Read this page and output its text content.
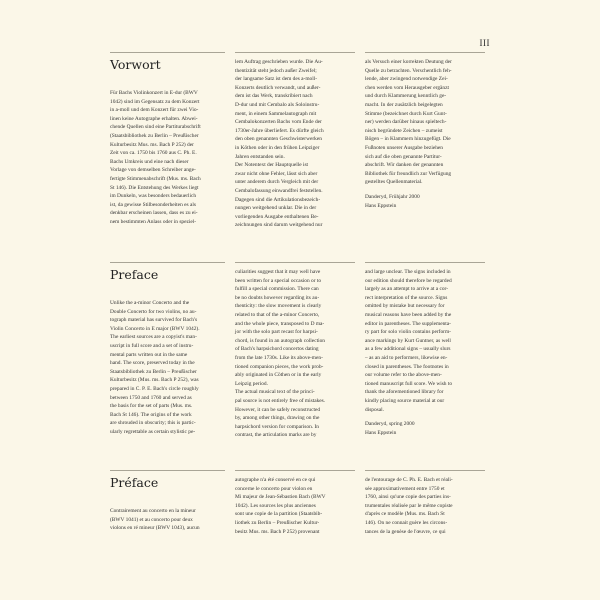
III
Vorwort

Für Bachs Violinkonzert in E-dur (BWV
1042) sind im Gegensatz zu dem Konzert
in a-moll und dem Konzert für zwei Vio-
linen keine Autographe erhalten. Abwei-
chende Quellen sind eine Partiturabschrift
(Staatsbibliothek zu Berlin – Preußischer
Kulturbesitz Mus. ms. Bach P 252) der
Zeit von ca. 1750 bis 1760 aus C. Ph. E.
Bachs Umkreis und eine nach dieser
Vorlage von demselben Schreiber ange-
fertigte Stimmenabschrift (Mus. ms. Bach
St 146). Die Entstehung des Werkes liegt
im Dunkeln, was besonders bedauerlich
ist, da gewisse Stilbesonderheiten es als
denkbar erscheinen lassen, dass es zu ei-
nem bestimmten Anlass oder in speziel-

lem Auftrag geschrieben wurde. Die Au-
thentizität steht jedoch außer Zweifel;
der langsame Satz ist dem des a-moll-
Konzerts deutlich verwandt, und außer-
dem ist das Werk, transkribiert nach
D-dur und mit Cembalo als Soloinstru-
ment, in einem Sammelautograph mit
Cembalokonzerten Bachs vom Ende der
1730er-Jahre überliefert. Es dürfte gleich
den oben genannten Geschwisterwerken
in Köthen oder in den frühen Leipziger
Jahren entstanden sein.
Der Notentext der Hauptquelle ist
zwar nicht ohne Fehler, lässt sich aber
unter anderem durch Vergleich mit der
Cembalofassung einwandfrei feststellen.
Dagegen sind die Artikulationsbezeich-
nungen weitgehend unklar. Die in der
vorliegenden Ausgabe enthaltenen Be-
zeichnungen sind darum weitgehend nur

als Versuch einer korrekten Deutung der
Quelle zu betrachten. Verschentlich feh-
lende, aber zwingend notwendige Zei-
chen werden vom Herausgeber ergänzt
und durch Klammerung kenntlich ge-
macht. In der zusätzlich beigelegten
Stimme (bezeichnet durch Kurt Gunt-
ner) werden darüber hinaus spieltech-
nisch begründete Zeichen – zumeist
Bögen – in Klammern hinzugefügt. Die
Fußnoten unserer Ausgabe beziehen
sich auf die oben genannte Partitur-
abschrift. Wir danken der genannten
Bibliothek für freundlich zur Verfügung
gestelltes Quellenmaterial.

Danderyd, Frühjahr 2000

Hans Eppstein

Preface

Unlike the a-minor Concerto and the
Double Concerto for two violins, no au-
tograph material has survived for Bach's
Violin Concerto in E major (BWV 1042).
The earliest sources are a copyist's man-
uscript in full score and a set of instru-
mental parts written out in the same
hand. The score, preserved today in the
Staatsbibliothek zu Berlin – Preußischer
Kulturbesitz (Mus. ms. Bach P 252), was
prepared in C. P. E. Bach's circle roughly
between 1750 and 1760 and served as
the basis for the set of parts (Mus. ms.
Bach St 146). The origins of the work
are shrouded in obscurity; this is partic-
ularly regrettable as certain stylistic pe-

culiarities suggest that it may well have
been written for a special occasion or to
fulfill a special commission. There can
be no doubts however regarding its au-
thenticity: the slow movement is clearly
related to that of the a-minor Concerto,
and the whole piece, transposed to D ma-
jor with the solo part recast for harpsi-
chord, is found in an autograph collection
of Bach's harpsichord concertos dating
from the late 1730s. Like its above-men-
tioned companion pieces, the work prob-
ably originated in Cöthen or in the early
Leipzig period.
The actual musical text of the princi-
pal source is not entirely free of mistakes.
However, it can be safely reconstructed
by, among other things, drawing on the
harpsichord version for comparison. In
contrast, the articulation marks are by

and large unclear. The signs included in
our edition should therefore be regarded
largely as an attempt to arrive at a cor-
rect interpretation of the source. Signs
omitted by mistake but necessary for
musical reasons have been added by the
editor in parentheses. The supplementa-
ry part for solo violin contains perform-
ance markings by Kurt Guntner, as well
as a few additional signs – usually slurs
– as an aid to performers, likewise en-
closed in parentheses. The footnotes in
our volume refer to the above-men-
tioned manuscript full score. We wish to
thank the aforementioned library for
kindly placing source material at our
disposal.

Danderyd, spring 2000

Hans Eppstein

Préface

Contrairement au concerto en la mineur
(BWV 1041) et au concerto pour deux
violons en ré mineur (BWV 1043), aucun

autographe n'a été conservé en ce qui
concerne le concerto pour violon en
Mi majeur de Jean-Sébastien Bach (BWV
1042). Les sources les plus anciennes
sont une copie de la partition (Staatsbib-
liothek zu Berlin – Preußischer Kultur-
besitz Mus. ms. Bach P 252) provenant

de l'entourage de C. Ph. E. Bach et réali-
sée approximativement entre 1750 et
1760, ainsi qu'une copie des parties ins-
trumentales réalisée par le même copiste
d'après ce modèle (Mus. ms. Bach St
146). On ne connait guère les circons-
tances de la genèse de l'œuvre, ce qui
